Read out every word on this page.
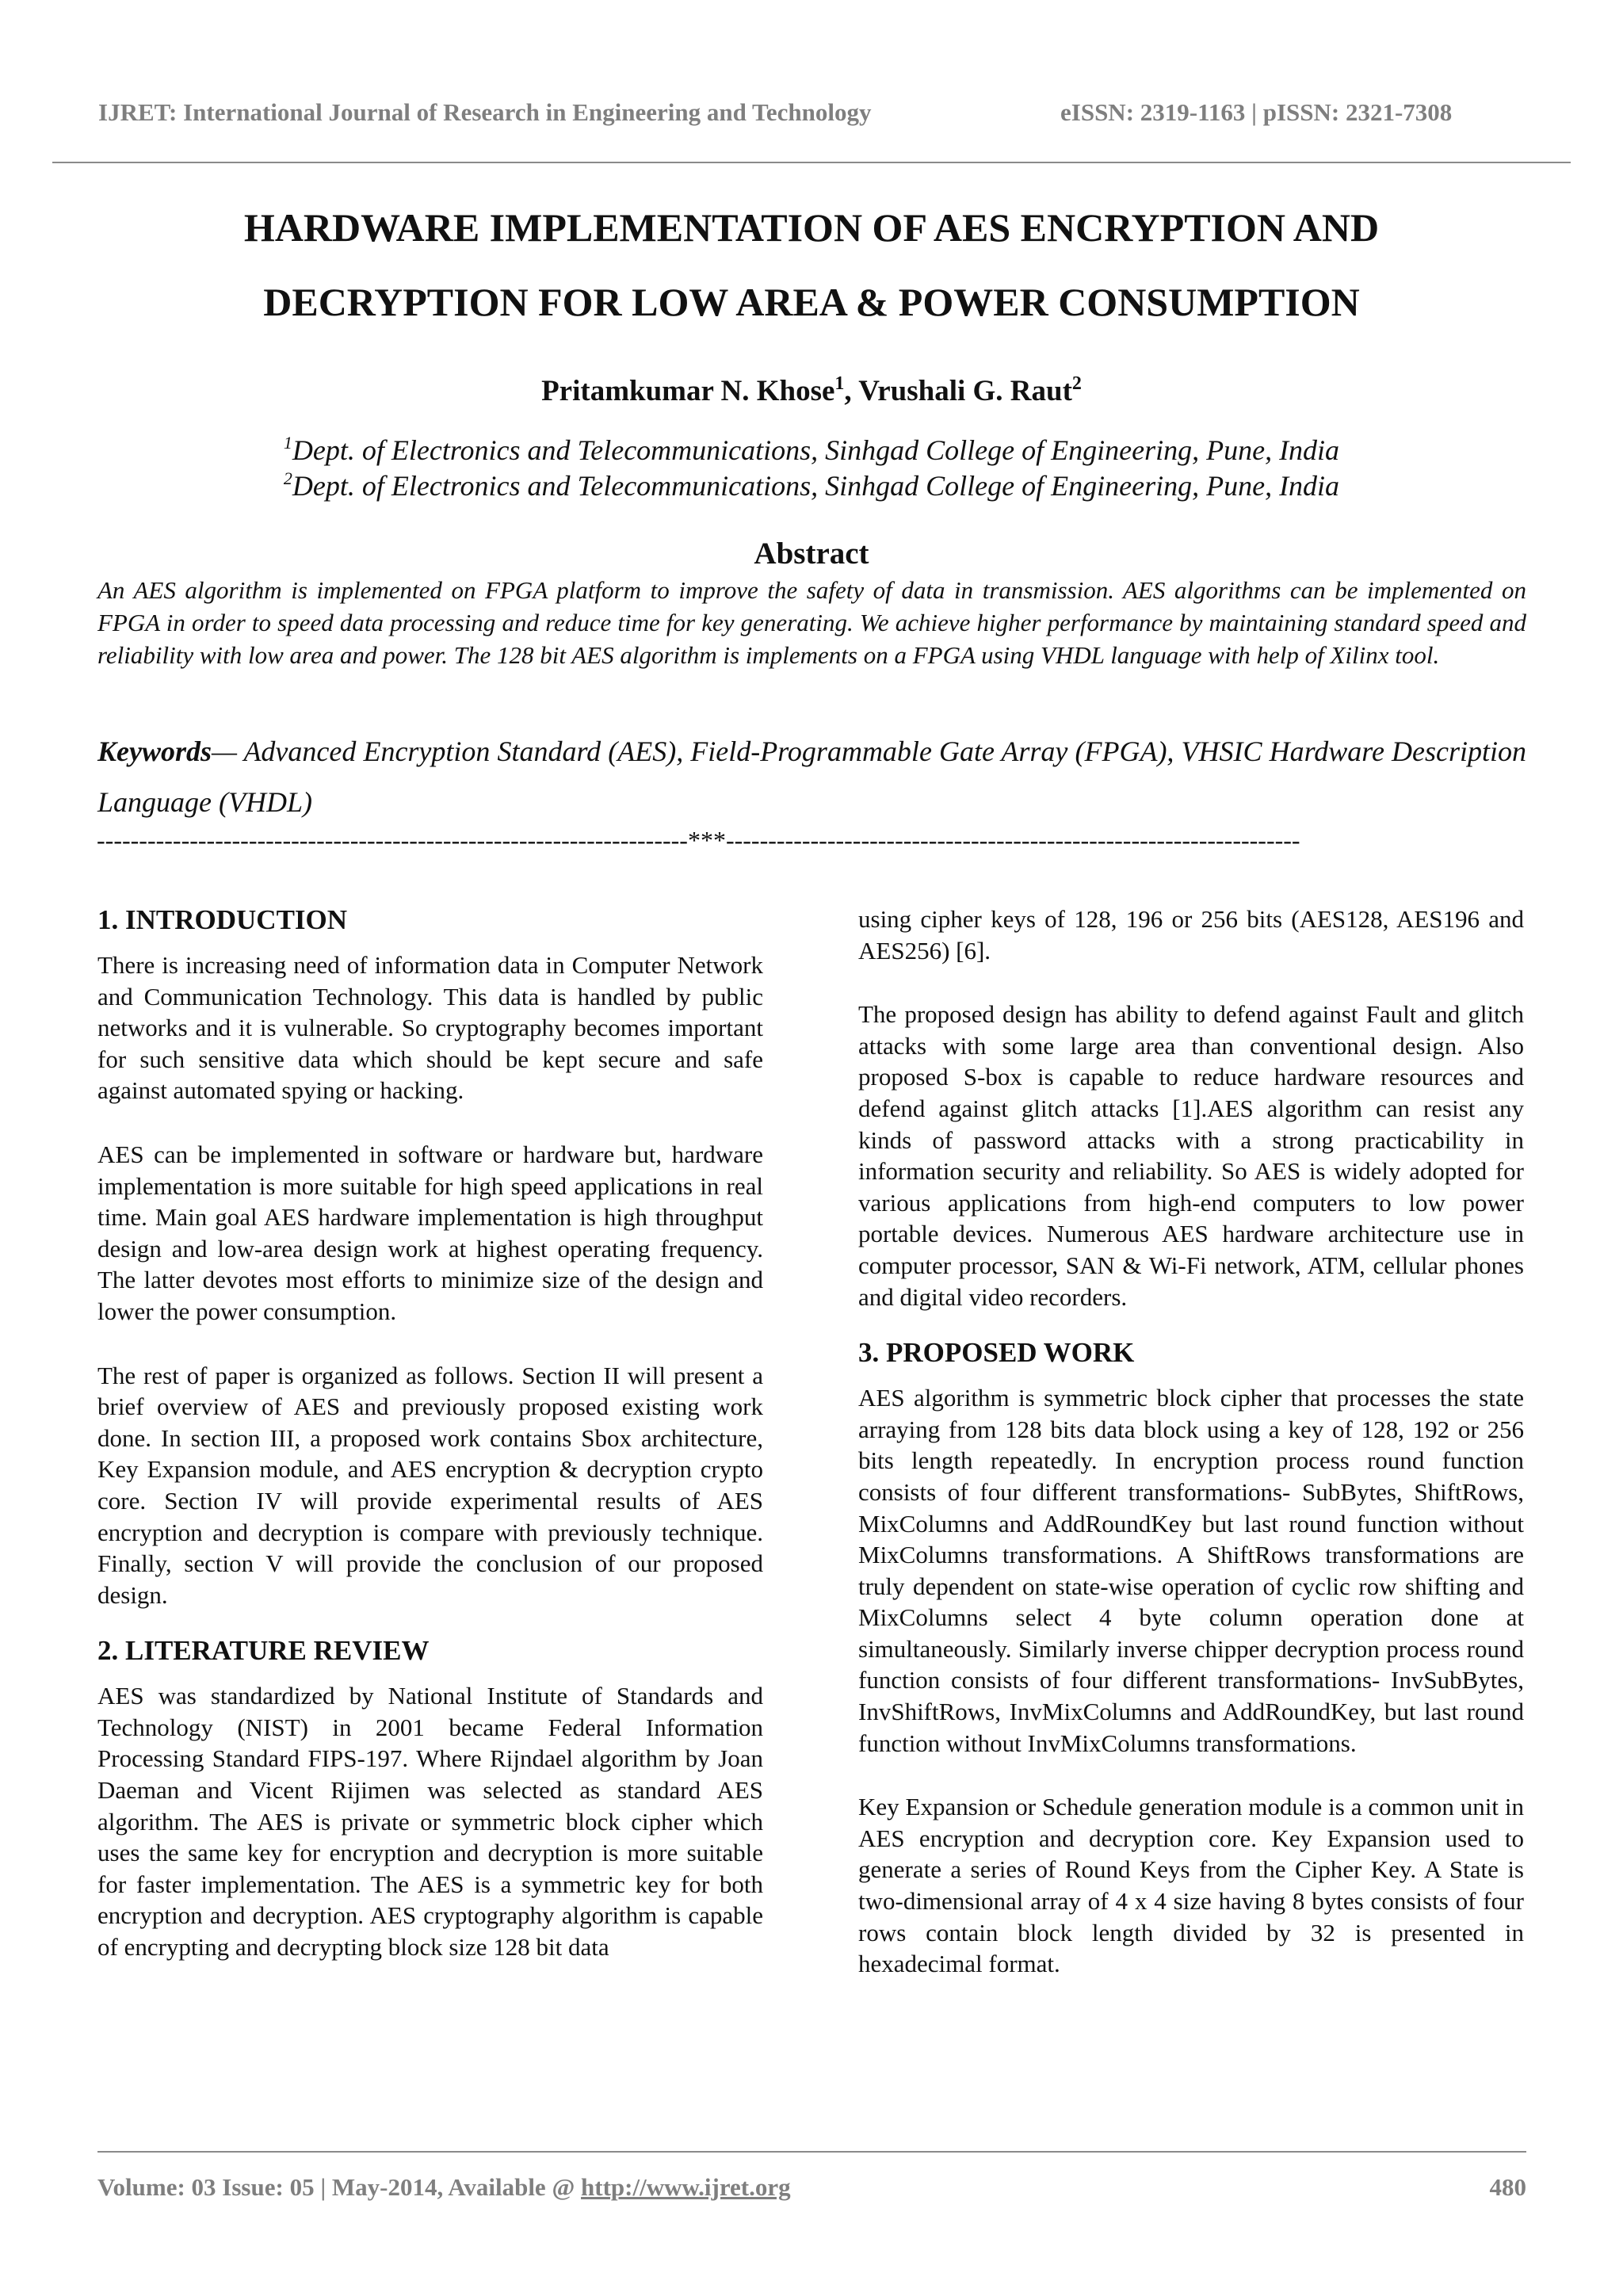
IJRET: International Journal of Research in Engineering and Technology	eISSN: 2319-1163 | pISSN: 2321-7308
HARDWARE IMPLEMENTATION OF AES ENCRYPTION AND
DECRYPTION FOR LOW AREA & POWER CONSUMPTION
Pritamkumar N. Khose$^1$, Vrushali G. Raut$^2$
$^1$Dept. of Electronics and Telecommunications, Sinhgad College of Engineering, Pune, India
$^2$Dept. of Electronics and Telecommunications, Sinhgad College of Engineering, Pune, India
Abstract
An AES algorithm is implemented on FPGA platform to improve the safety of data in transmission. AES algorithms can be implemented on FPGA in order to speed data processing and reduce time for key generating. We achieve higher performance by maintaining standard speed and reliability with low area and power. The 128 bit AES algorithm is implements on a FPGA using VHDL language with help of Xilinx tool.
Keywords— Advanced Encryption Standard (AES), Field-Programmable Gate Array (FPGA), VHSIC Hardware Description Language (VHDL)
----------------------------------------------------------------------***--------------------------------------------------------------------
1. INTRODUCTION

There is increasing need of information data in Computer Network and Communication Technology. This data is handled by public networks and it is vulnerable. So cryptography becomes important for such sensitive data which should be kept secure and safe against automated spying or hacking.

AES can be implemented in software or hardware but, hardware implementation is more suitable for high speed applications in real time. Main goal AES hardware implementation is high throughput design and low-area design work at highest operating frequency. The latter devotes most efforts to minimize size of the design and lower the power consumption.

The rest of paper is organized as follows. Section II will present a brief overview of AES and previously proposed existing work done. In section III, a proposed work contains Sbox architecture, Key Expansion module, and AES encryption & decryption crypto core. Section IV will provide experimental results of AES encryption and decryption is compare with previously technique. Finally, section V will provide the conclusion of our proposed design.

2. LITERATURE REVIEW

AES was standardized by National Institute of Standards and Technology (NIST) in 2001 became Federal Information Processing Standard FIPS-197. Where Rijndael algorithm by Joan Daeman and Vicent Rijimen was selected as standard AES algorithm. The AES is private or symmetric block cipher which uses the same key for encryption and decryption is more suitable for faster implementation. The AES is a symmetric key for both encryption and decryption. AES cryptography algorithm is capable of encrypting and decrypting block size 128 bit data

using cipher keys of 128, 196 or 256 bits (AES128, AES196 and AES256) [6].

The proposed design has ability to defend against Fault and glitch attacks with some large area than conventional design. Also proposed S-box is capable to reduce hardware resources and defend against glitch attacks [1].AES algorithm can resist any kinds of password attacks with a strong practicability in information security and reliability. So AES is widely adopted for various applications from high-end computers to low power portable devices. Numerous AES hardware architecture use in computer processor, SAN & Wi-Fi network, ATM, cellular phones and digital video recorders.

3. PROPOSED WORK

AES algorithm is symmetric block cipher that processes the state arraying from 128 bits data block using a key of 128, 192 or 256 bits length repeatedly. In encryption process round function consists of four different transformations- SubBytes, ShiftRows, MixColumns and AddRoundKey but last round function without MixColumns transformations. A ShiftRows transformations are truly dependent on state-wise operation of cyclic row shifting and MixColumns select 4 byte column operation done at simultaneously. Similarly inverse chipper decryption process round function consists of four different transformations- InvSubBytes, InvShiftRows, InvMixColumns and AddRoundKey, but last round function without InvMixColumns transformations.

Key Expansion or Schedule generation module is a common unit in AES encryption and decryption core. Key Expansion used to generate a series of Round Keys from the Cipher Key. A State is two-dimensional array of 4 x 4 size having 8 bytes consists of four rows contain block length divided by 32 is presented in hexadecimal format.

Volume: 03 Issue: 05 | May-2014, Available @ http://www.ijret.org	480
